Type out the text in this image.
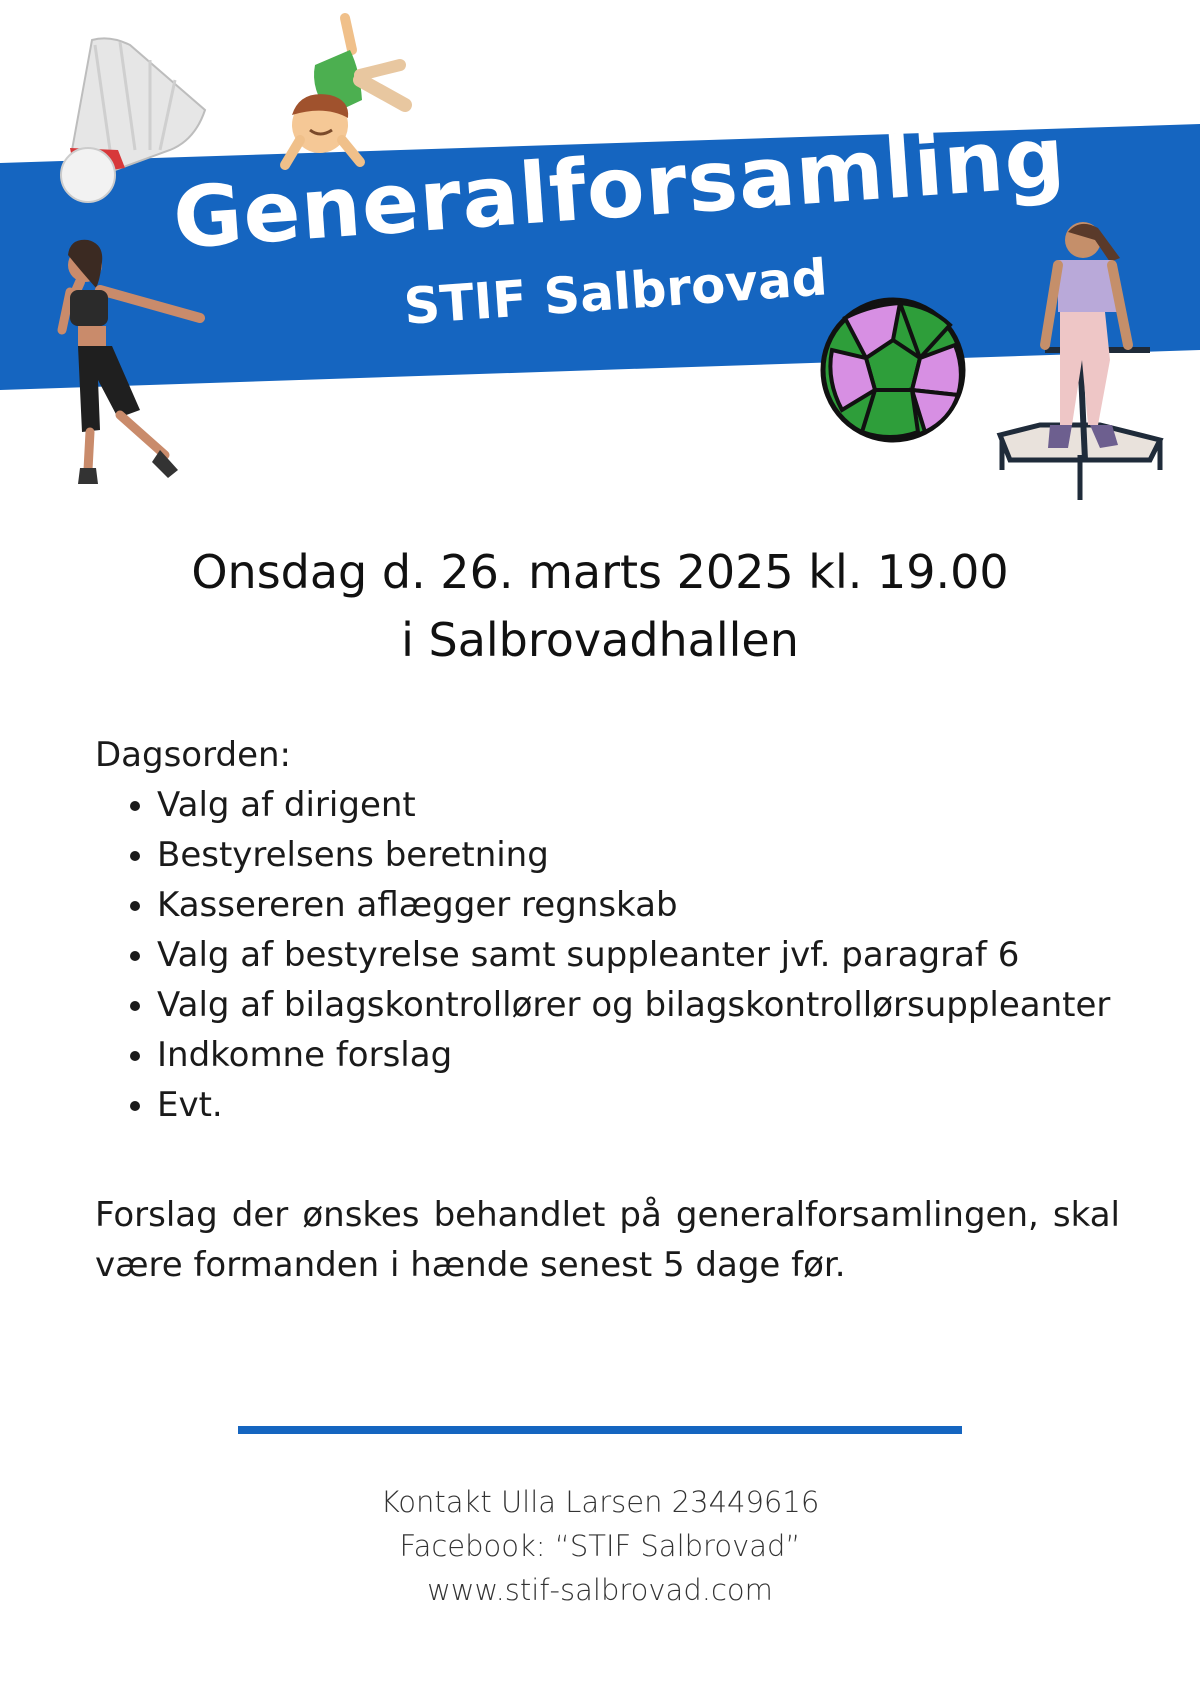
Generalforsamling
STIF Salbrovad
Onsdag d. 26. marts 2025 kl. 19.00
i Salbrovadhallen
Dagsorden:
• Valg af dirigent
• Bestyrelsens beretning
• Kassereren aflægger regnskab
• Valg af bestyrelse samt suppleanter jvf. paragraf 6
• Valg af bilagskontrollører og bilagskontrollørsuppleanter
• Indkomne forslag
• Evt.
Forslag der ønskes behandlet på generalforsamlingen, skal være formanden i hænde senest 5 dage før.
Kontakt Ulla Larsen 23449616
Facebook: “STIF Salbrovad”
www.stif-salbrovad.com
